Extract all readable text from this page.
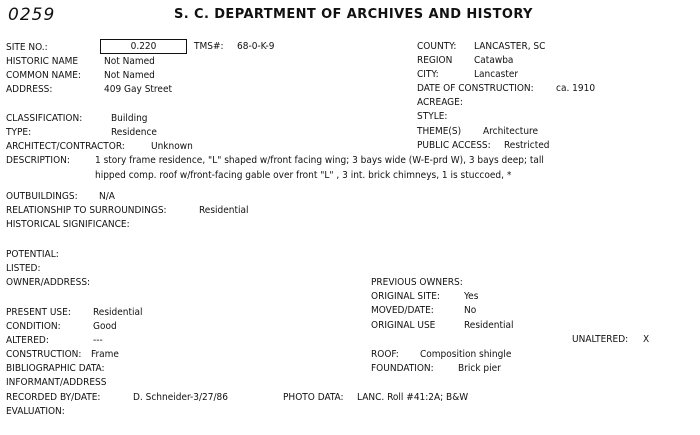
0259	S. C. DEPARTMENT OF ARCHIVES AND HISTORY
SITE NO.:	0.220	TMS#: 68-0-K-9
HISTORIC NAME	Not Named
COMMON NAME: Not Named
ADDRESS:	409 Gay Street
COUNTY: LANCASTER, SC
REGION Catawba
CITY:	Lancaster
DATE OF CONSTRUCTION: ca. 1910
ACREAGE:
STYLE:
CLASSIFICATION:	Building
TYPE:	Residence	THEME(S) Architecture
ARCHITECT/CONTRACTOR:	Unknown	PUBLIC ACCESS: Restricted
DESCRIPTION:	1 story frame residence, "L" shaped w/front facing wing; 3 bays wide (W-E-prd W), 3 bays deep; tall
hipped comp. roof w/front-facing gable over front "L" , 3 int. brick chimneys, 1 is stuccoed, *
OUTBUILDINGS: N/A
RELATIONSHIP TO SURROUNDINGS:	Residential
HISTORICAL SIGNIFICANCE:
POTENTIAL:
LISTED:
OWNER/ADDRESS:	PREVIOUS OWNERS:
ORIGINAL SITE: Yes
MOVED/DATE:	No
ORIGINAL USE	Residential
PRESENT USE: Residential
CONDITION:	Good
ALTERED:	---	UNALTERED: X
CONSTRUCTION: Frame	ROOF: Composition shingle
BIBLIOGRAPHIC DATA:	FOUNDATION: Brick pier
INFORMANT/ADDRESS
RECORDED BY/DATE:	D. Schneider-3/27/86	PHOTO DATA: LANC. Roll #41:2A; B&W
EVALUATION:
